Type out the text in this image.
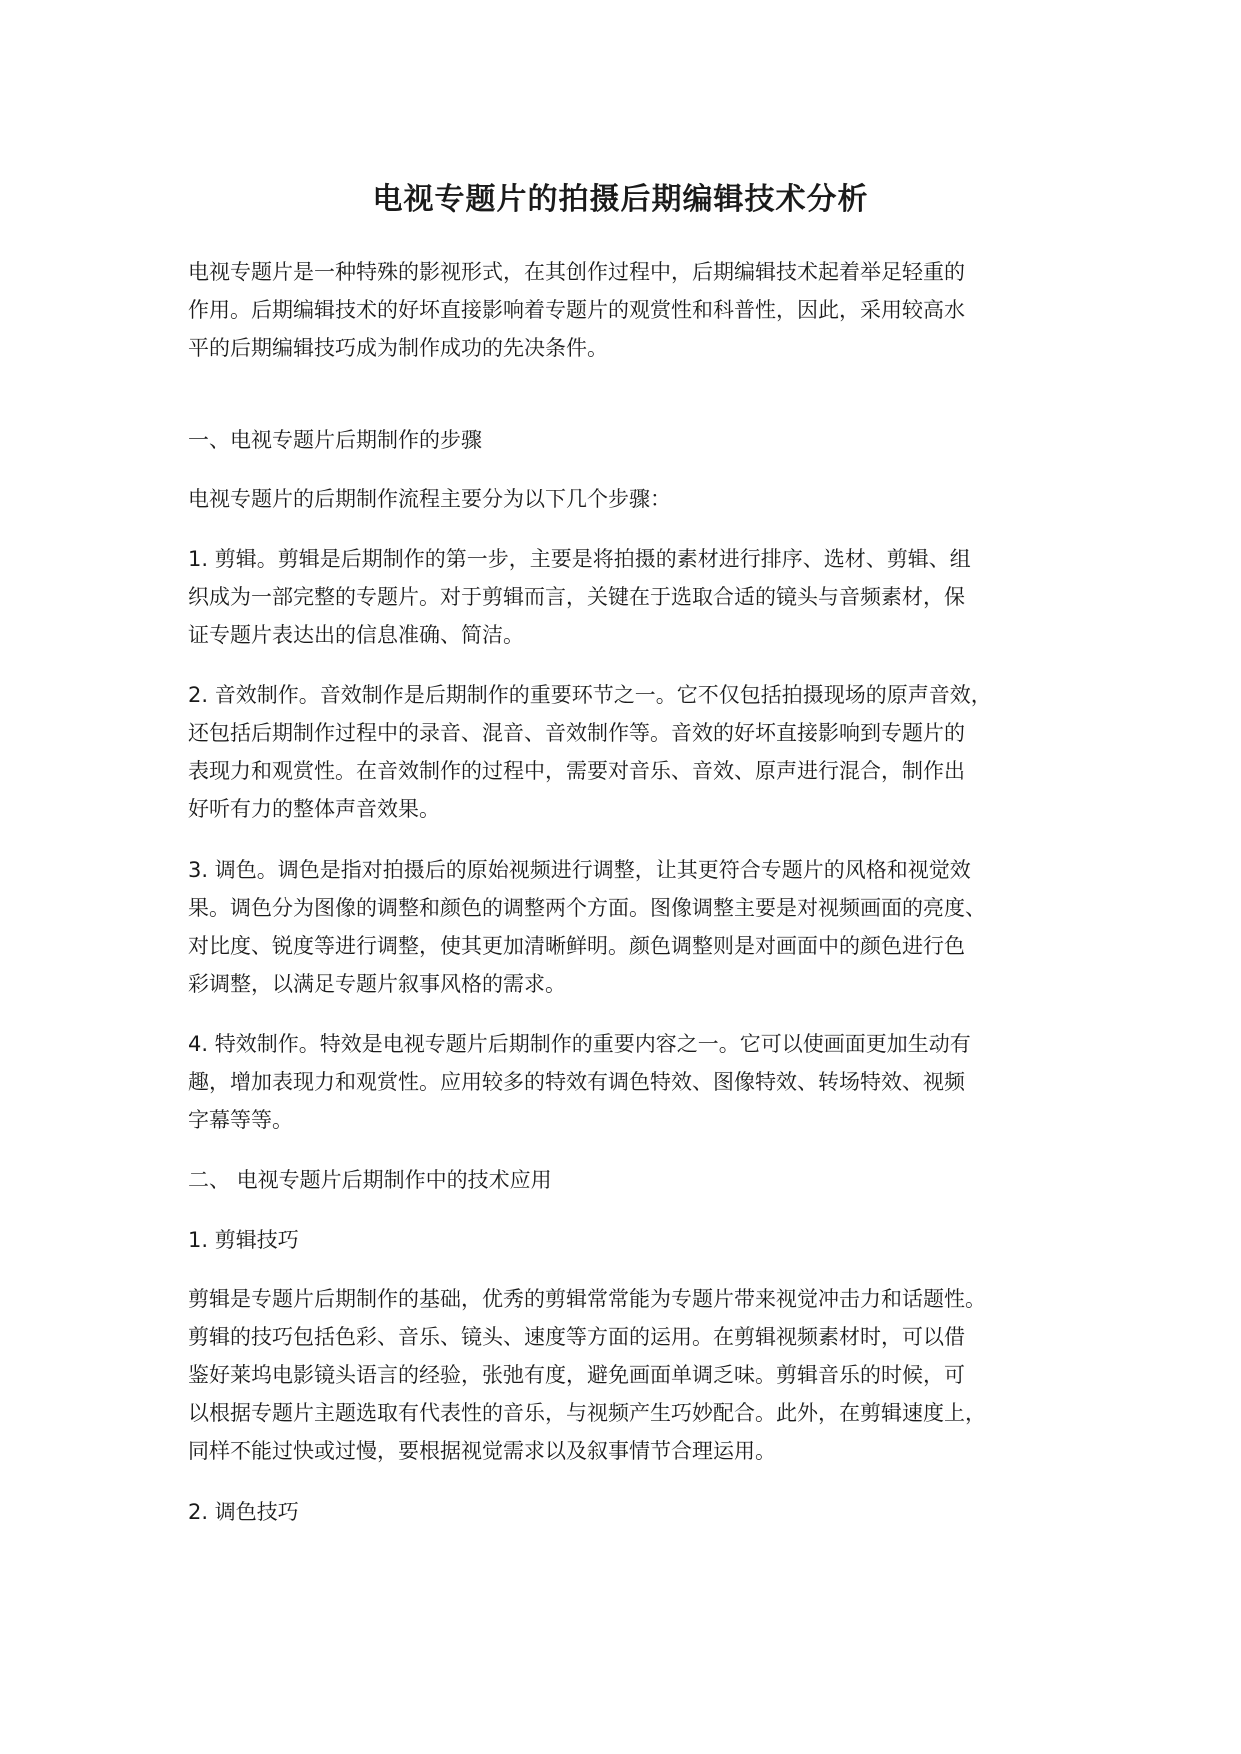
电视专题片的拍摄后期编辑技术分析

电视专题片是一种特殊的影视形式，在其创作过程中，后期编辑技术起着举足轻重的
作用。后期编辑技术的好坏直接影响着专题片的观赏性和科普性，因此，采用较高水
平的后期编辑技巧成为制作成功的先决条件。

一、电视专题片后期制作的步骤

电视专题片的后期制作流程主要分为以下几个步骤：

1. 剪辑。剪辑是后期制作的第一步，主要是将拍摄的素材进行排序、选材、剪辑、组
织成为一部完整的专题片。对于剪辑而言，关键在于选取合适的镜头与音频素材，保
证专题片表达出的信息准确、简洁。

2. 音效制作。音效制作是后期制作的重要环节之一。它不仅包括拍摄现场的原声音效，
还包括后期制作过程中的录音、混音、音效制作等。音效的好坏直接影响到专题片的
表现力和观赏性。在音效制作的过程中，需要对音乐、音效、原声进行混合，制作出
好听有力的整体声音效果。

3. 调色。调色是指对拍摄后的原始视频进行调整，让其更符合专题片的风格和视觉效
果。调色分为图像的调整和颜色的调整两个方面。图像调整主要是对视频画面的亮度、
对比度、锐度等进行调整，使其更加清晰鲜明。颜色调整则是对画面中的颜色进行色
彩调整，以满足专题片叙事风格的需求。

4. 特效制作。特效是电视专题片后期制作的重要内容之一。它可以使画面更加生动有
趣，增加表现力和观赏性。应用较多的特效有调色特效、图像特效、转场特效、视频
字幕等等。

二、 电视专题片后期制作中的技术应用

1. 剪辑技巧

剪辑是专题片后期制作的基础，优秀的剪辑常常能为专题片带来视觉冲击力和话题性。
剪辑的技巧包括色彩、音乐、镜头、速度等方面的运用。在剪辑视频素材时，可以借
鉴好莱坞电影镜头语言的经验，张弛有度，避免画面单调乏味。剪辑音乐的时候，可
以根据专题片主题选取有代表性的音乐，与视频产生巧妙配合。此外，在剪辑速度上，
同样不能过快或过慢，要根据视觉需求以及叙事情节合理运用。

2. 调色技巧
